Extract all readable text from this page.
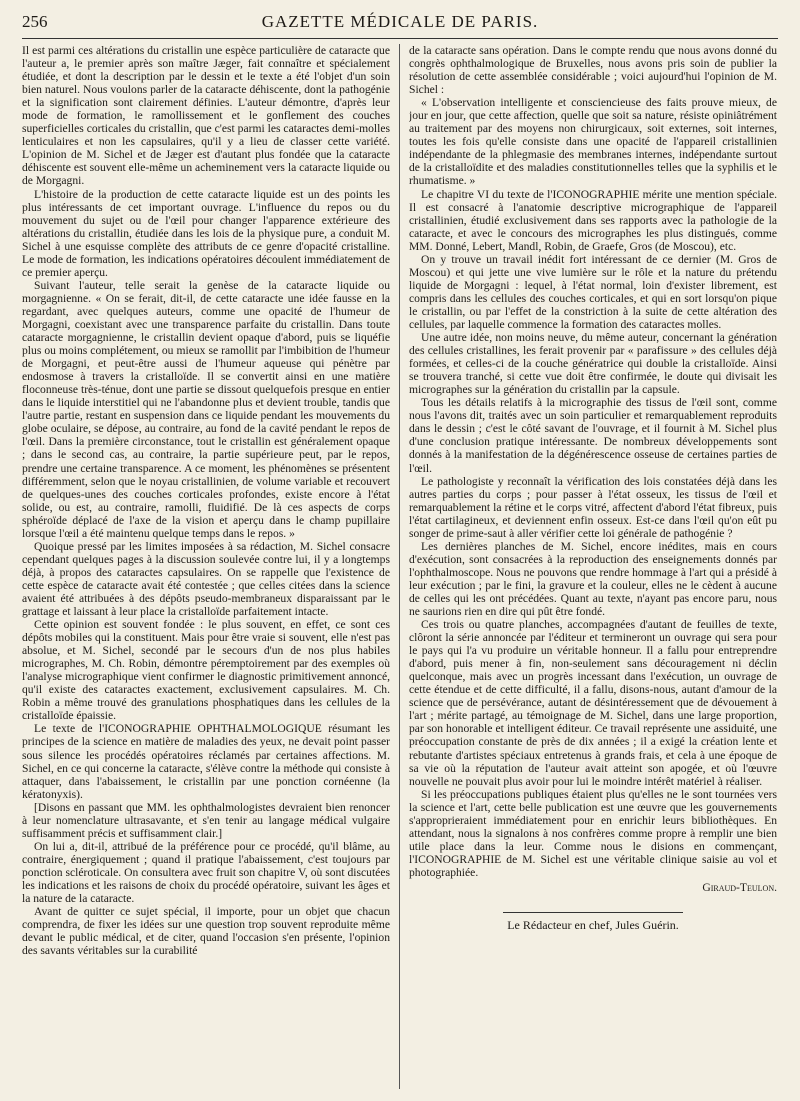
256	GAZETTE MÉDICALE DE PARIS.

Il est parmi ces altérations du cristallin une espèce particulière de cataracte que l'auteur a, le premier après son maître Jæger, fait connaître et spécialement étudiée, et dont la description par le dessin et le texte a été l'objet d'un soin bien naturel. Nous voulons parler de la cataracte déhiscente, dont la pathogénie et la signification sont clairement définies. L'auteur démontre, d'après leur mode de formation, le ramollissement et le gonflement des couches superficielles corticales du cristallin, que c'est parmi les cataractes demi-molles lenticulaires et non les capsulaires, qu'il y a lieu de classer cette variété. L'opinion de M. Sichel et de Jæger est d'autant plus fondée que la cataracte déhiscente est souvent elle-même un acheminement vers la cataracte liquide ou de Morgagni.

L'histoire de la production de cette cataracte liquide est un des points les plus intéressants de cet important ouvrage. L'influence du repos ou du mouvement du sujet ou de l'œil pour changer l'apparence extérieure des altérations du cristallin, étudiée dans les lois de la physique pure, a conduit M. Sichel à une esquisse complète des attributs de ce genre d'opacité cristalline. Le mode de formation, les indications opératoires découlent immédiatement de ce premier aperçu.

Suivant l'auteur, telle serait la genèse de la cataracte liquide ou morgagnienne. « On se ferait, dit-il, de cette cataracte une idée fausse en la regardant, avec quelques auteurs, comme une opacité de l'humeur de Morgagni, coexistant avec une transparence parfaite du cristallin. Dans toute cataracte morgagnienne, le cristallin devient opaque d'abord, puis se liquéfie plus ou moins complétement, ou mieux se ramollit par l'imbibition de l'humeur de Morgagni, et peut-être aussi de l'humeur aqueuse qui pénètre par endosmose à travers la cristalloïde. Il se convertit ainsi en une matière floconneuse très-ténue, dont une partie se dissout quelquefois presque en entier dans le liquide interstitiel qui ne l'abandonne plus et devient trouble, tandis que l'autre partie, restant en suspension dans ce liquide pendant les mouvements du globe oculaire, se dépose, au contraire, au fond de la cavité pendant le repos de l'œil. Dans la première circonstance, tout le cristallin est généralement opaque ; dans le second cas, au contraire, la partie supérieure peut, par le repos, prendre une certaine transparence. A ce moment, les phénomènes se présentent différemment, selon que le noyau cristallinien, de volume variable et recouvert de quelques-unes des couches corticales profondes, existe encore à l'état solide, ou est, au contraire, ramolli, fluidifié. De là ces aspects de corps sphéroïde déplacé de l'axe de la vision et aperçu dans le champ pupillaire lorsque l'œil a été maintenu quelque temps dans le repos. »

Quoique pressé par les limites imposées à sa rédaction, M. Sichel consacre cependant quelques pages à la discussion soulevée contre lui, il y a longtemps déjà, à propos des cataractes capsulaires. On se rappelle que l'existence de cette espèce de cataracte avait été contestée ; que celles citées dans la science avaient été attribuées à des dépôts pseudo-membraneux disparaissant par le grattage et laissant à leur place la cristalloïde parfaitement intacte.

Cette opinion est souvent fondée : le plus souvent, en effet, ce sont ces dépôts mobiles qui la constituent. Mais pour être vraie si souvent, elle n'est pas absolue, et M. Sichel, secondé par le secours d'un de nos plus habiles micrographes, M. Ch. Robin, démontre péremptoirement par des exemples où l'analyse micrographique vient confirmer le diagnostic primitivement annoncé, qu'il existe des cataractes exactement, exclusivement capsulaires. M. Ch. Robin a même trouvé des granulations phosphatiques dans les cellules de la cristalloïde épaissie.

Le texte de l'ICONOGRAPHIE OPHTHALMOLOGIQUE résumant les principes de la science en matière de maladies des yeux, ne devait point passer sous silence les procédés opératoires réclamés par certaines affections. M. Sichel, en ce qui concerne la cataracte, s'élève contre la méthode qui consiste à attaquer, dans l'abaissement, le cristallin par une ponction cornéenne (la kératonyxis).

[Disons en passant que MM. les ophthalmologistes devraient bien renoncer à leur nomenclature ultrasavante, et s'en tenir au langage médical vulgaire suffisamment précis et suffisamment clair.]

On lui a, dit-il, attribué de la préférence pour ce procédé, qu'il blâme, au contraire, énergiquement ; quand il pratique l'abaissement, c'est toujours par ponction scléroticale. On consultera avec fruit son chapitre V, où sont discutées les indications et les raisons de choix du procédé opératoire, suivant les âges et la nature de la cataracte.

Avant de quitter ce sujet spécial, il importe, pour un objet que chacun comprendra, de fixer les idées sur une question trop souvent reproduite même devant le public médical, et de citer, quand l'occasion s'en présente, l'opinion des savants véritables sur la curabilité

de la cataracte sans opération. Dans le compte rendu que nous avons donné du congrès ophthalmologique de Bruxelles, nous avons pris soin de publier la résolution de cette assemblée considérable ; voici aujourd'hui l'opinion de M. Sichel :

« L'observation intelligente et consciencieuse des faits prouve mieux, de jour en jour, que cette affection, quelle que soit sa nature, résiste opiniâtrément au traitement par des moyens non chirurgicaux, soit externes, soit internes, toutes les fois qu'elle consiste dans une opacité de l'appareil cristallinien indépendante de la phlegmasie des membranes internes, indépendante surtout de la cristalloïdite et des maladies constitutionnelles telles que la syphilis et le rhumatisme. »

Le chapitre VI du texte de l'ICONOGRAPHIE mérite une mention spéciale. Il est consacré à l'anatomie descriptive micrographique de l'appareil cristallinien, étudié exclusivement dans ses rapports avec la pathologie de la cataracte, et avec le concours des micrographes les plus distingués, comme MM. Donné, Lebert, Mandl, Robin, de Graefe, Gros (de Moscou), etc.

On y trouve un travail inédit fort intéressant de ce dernier (M. Gros de Moscou) et qui jette une vive lumière sur le rôle et la nature du prétendu liquide de Morgagni : lequel, à l'état normal, loin d'exister librement, est compris dans les cellules des couches corticales, et qui en sort lorsqu'on pique le cristallin, ou par l'effet de la constriction à la suite de cette altération des cellules, par laquelle commence la formation des cataractes molles.

Une autre idée, non moins neuve, du même auteur, concernant la génération des cellules cristallines, les ferait provenir par « parafissure » des cellules déjà formées, et celles-ci de la couche génératrice qui double la cristalloïde. Ainsi se trouvera tranché, si cette vue doit être confirmée, le doute qui divisait les micrographes sur la génération du cristallin par la capsule.

Tous les détails relatifs à la micrographie des tissus de l'œil sont, comme nous l'avons dit, traités avec un soin particulier et remarquablement reproduits dans le dessin ; c'est le côté savant de l'ouvrage, et il fournit à M. Sichel plus d'une conclusion pratique intéressante. De nombreux développements sont donnés à la manifestation de la dégénérescence osseuse de certaines parties de l'œil.

Le pathologiste y reconnaît la vérification des lois constatées déjà dans les autres parties du corps ; pour passer à l'état osseux, les tissus de l'œil et remarquablement la rétine et le corps vitré, affectent d'abord l'état fibreux, puis l'état cartilagineux, et deviennent enfin osseux. Est-ce dans l'œil qu'on eût pu songer de prime-saut à aller vérifier cette loi générale de pathogénie ?

Les dernières planches de M. Sichel, encore inédites, mais en cours d'exécution, sont consacrées à la reproduction des enseignements donnés par l'ophthalmoscope. Nous ne pouvons que rendre hommage à l'art qui a présidé à leur exécution ; par le fini, la gravure et la couleur, elles ne le cèdent à aucune de celles qui les ont précédées. Quant au texte, n'ayant pas encore paru, nous ne saurions rien en dire qui pût être fondé.

Ces trois ou quatre planches, accompagnées d'autant de feuilles de texte, clôront la série annoncée par l'éditeur et termineront un ouvrage qui sera pour le pays qui l'a vu produire un véritable honneur. Il a fallu pour entreprendre d'abord, puis mener à fin, non-seulement sans découragement ni déclin quelconque, mais avec un progrès incessant dans l'exécution, un ouvrage de cette étendue et de cette difficulté, il a fallu, disons-nous, autant d'amour de la science que de persévérance, autant de désintéressement que de dévouement à l'art ; mérite partagé, au témoignage de M. Sichel, dans une large proportion, par son honorable et intelligent éditeur. Ce travail représente une assiduité, une préoccupation constante de près de dix années ; il a exigé la création lente et rebutante d'artistes spéciaux entretenus à grands frais, et cela à une époque de sa vie où la réputation de l'auteur avait atteint son apogée, et où l'œuvre nouvelle ne pouvait plus avoir pour lui le moindre intérêt matériel à réaliser.

Si les préoccupations publiques étaient plus qu'elles ne le sont tournées vers la science et l'art, cette belle publication est une œuvre que les gouvernements s'approprieraient immédiatement pour en enrichir leurs bibliothèques. En attendant, nous la signalons à nos confrères comme propre à remplir une bien utile place dans la leur. Comme nous le disions en commençant, l'ICONOGRAPHIE de M. Sichel est une véritable clinique saisie au vol et photographiée.

Giraud-Teulon.

Le Rédacteur en chef, Jules Guérin.
